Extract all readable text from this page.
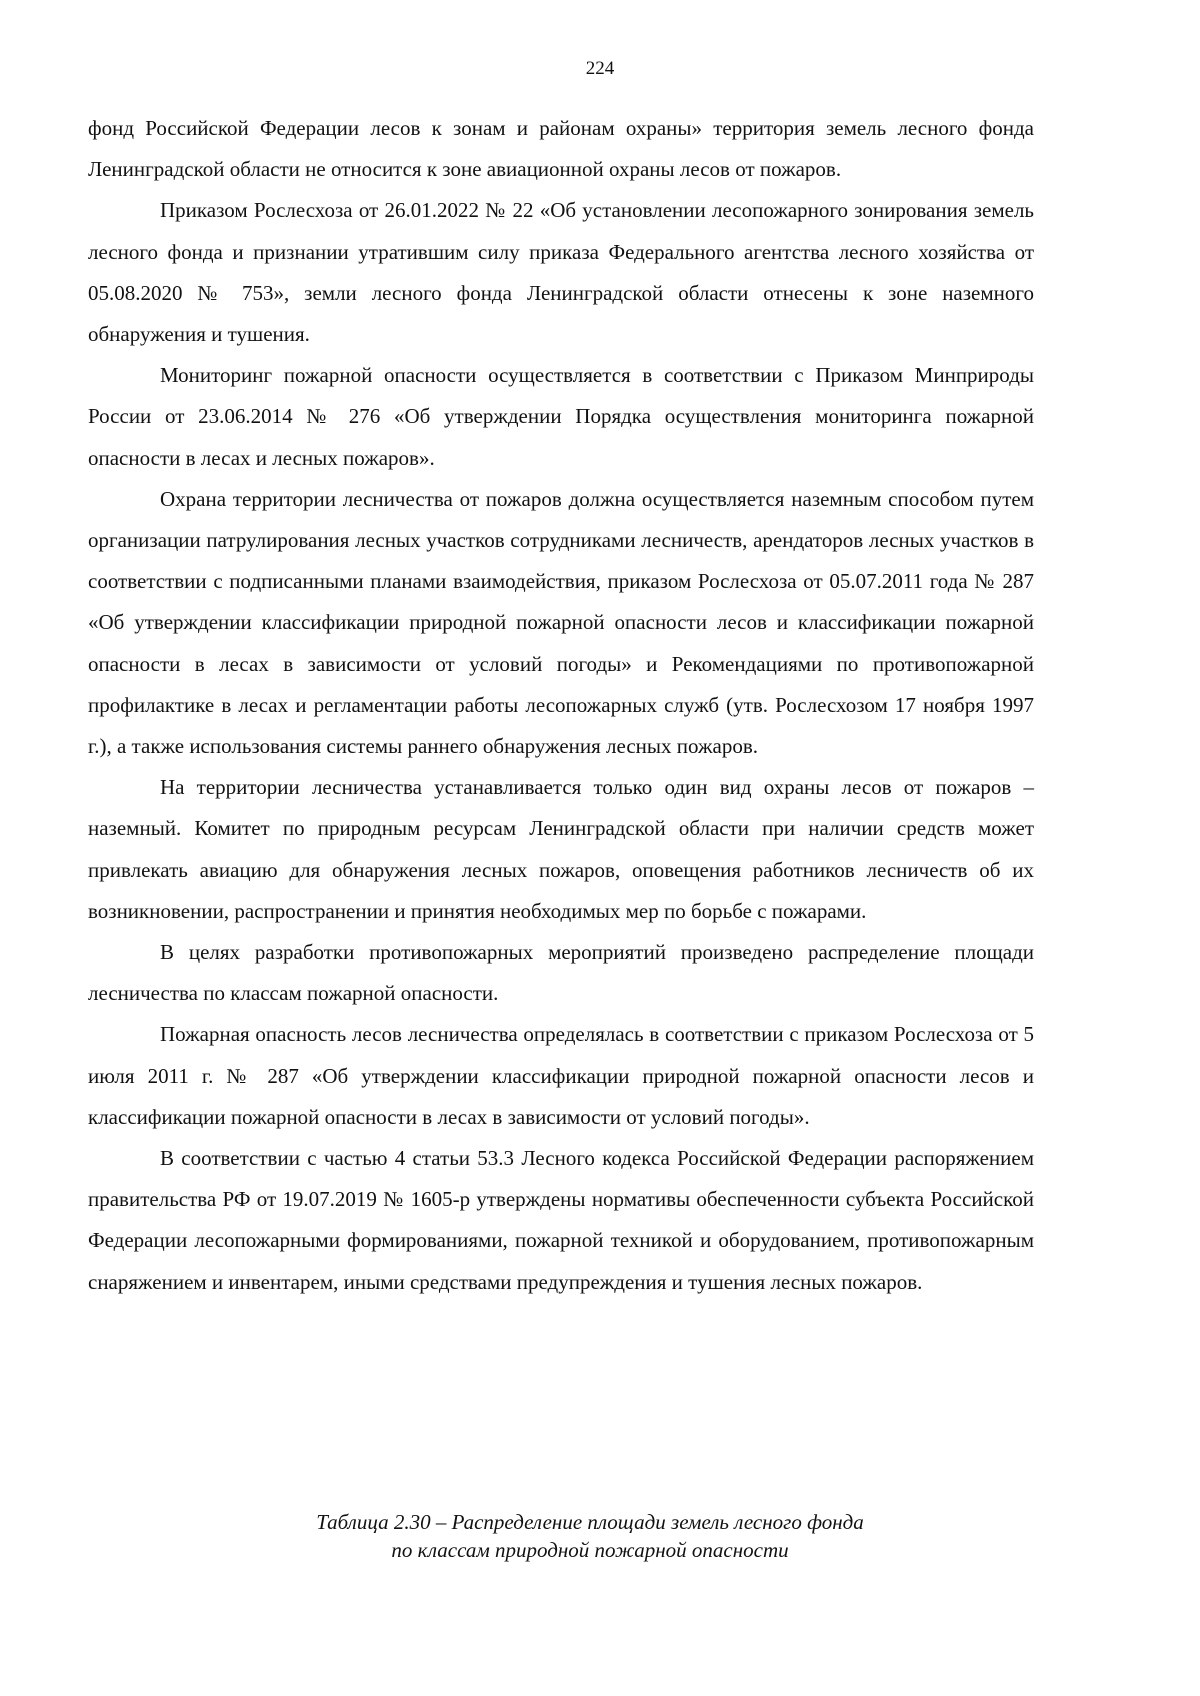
224

фонд Российской Федерации лесов к зонам и районам охраны» территория земель лесного фонда Ленинградской области не относится к зоне авиационной охраны лесов от пожаров.

Приказом Рослесхоза от 26.01.2022 № 22 «Об установлении лесопожарного зонирования земель лесного фонда и признании утратившим силу приказа Федерального агентства лесного хозяйства от 05.08.2020 № 753», земли лесного фонда Ленинградской области отнесены к зоне наземного обнаружения и тушения.

Мониторинг пожарной опасности осуществляется в соответствии с Приказом Минприроды России от 23.06.2014 № 276 «Об утверждении Порядка осуществления мониторинга пожарной опасности в лесах и лесных пожаров».

Охрана территории лесничества от пожаров должна осуществляется наземным способом путем организации патрулирования лесных участков сотрудниками лесничеств, арендаторов лесных участков в соответствии с подписанными планами взаимодействия, приказом Рослесхоза от 05.07.2011 года № 287 «Об утверждении классификации природной пожарной опасности лесов и классификации пожарной опасности в лесах в зависимости от условий погоды» и Рекомендациями по противопожарной профилактике в лесах и регламентации работы лесопожарных служб (утв. Рослесхозом 17 ноября 1997 г.), а также использования системы раннего обнаружения лесных пожаров.

На территории лесничества устанавливается только один вид охраны лесов от пожаров – наземный. Комитет по природным ресурсам Ленинградской области при наличии средств может привлекать авиацию для обнаружения лесных пожаров, оповещения работников лесничеств об их возникновении, распространении и принятия необходимых мер по борьбе с пожарами.

В целях разработки противопожарных мероприятий произведено распределение площади лесничества по классам пожарной опасности.

Пожарная опасность лесов лесничества определялась в соответствии с приказом Рослесхоза от 5 июля 2011 г. № 287 «Об утверждении классификации природной пожарной опасности лесов и классификации пожарной опасности в лесах в зависимости от условий погоды».

В соответствии с частью 4 статьи 53.3 Лесного кодекса Российской Федерации распоряжением правительства РФ от 19.07.2019 № 1605-р утверждены нормативы обеспеченности субъекта Российской Федерации лесопожарными формированиями, пожарной техникой и оборудованием, противопожарным снаряжением и инвентарем, иными средствами предупреждения и тушения лесных пожаров.

Таблица 2.30 – Распределение площади земель лесного фонда
по классам природной пожарной опасности
